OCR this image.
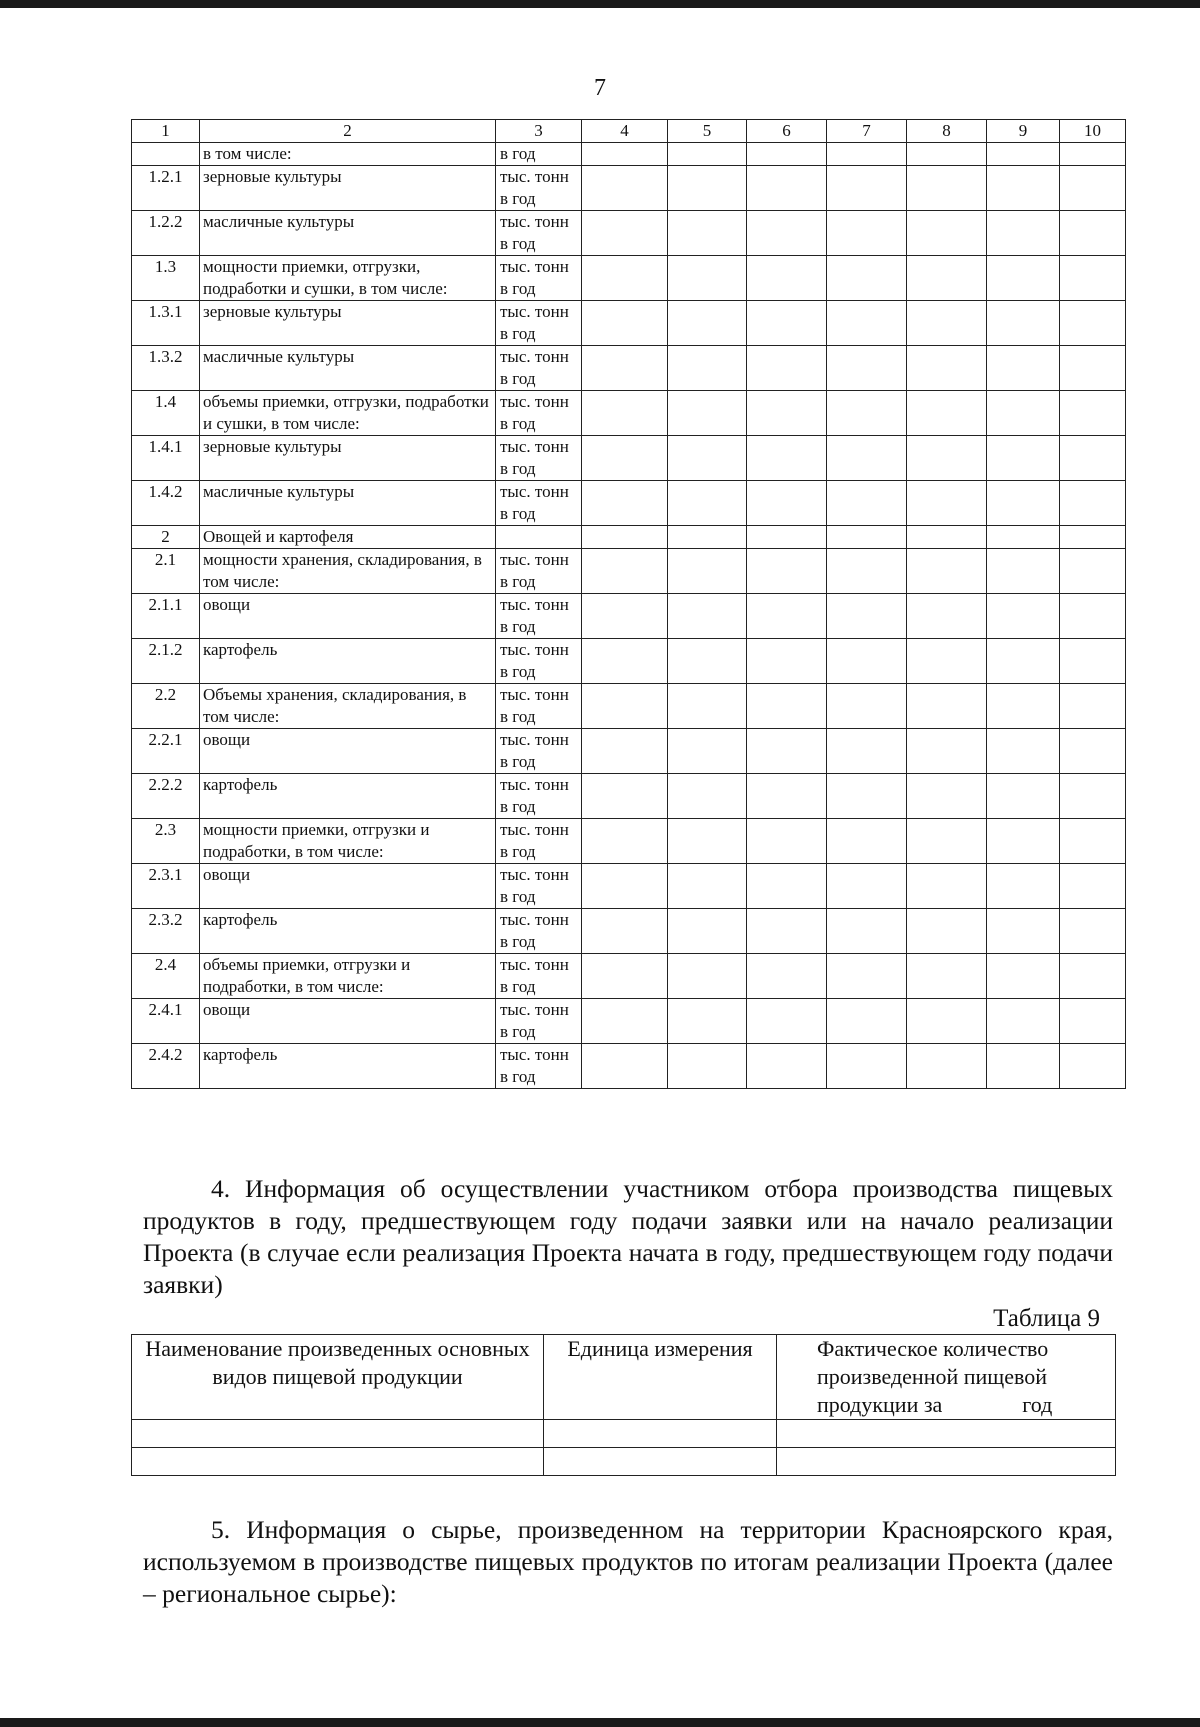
7
1	2	3	4	5	6	7	8	9	10
	в том числе:	в год							
1.2.1	зерновые культуры	тыс. тонн в год							
1.2.2	масличные культуры	тыс. тонн в год							
1.3	мощности приемки, отгрузки, подработки и сушки, в том числе:	тыс. тонн в год							
1.3.1	зерновые культуры	тыс. тонн в год							
1.3.2	масличные культуры	тыс. тонн в год							
1.4	объемы приемки, отгрузки, подработки и сушки, в том числе:	тыс. тонн в год							
1.4.1	зерновые культуры	тыс. тонн в год							
1.4.2	масличные культуры	тыс. тонн в год							
2	Овощей и картофеля								
2.1	мощности хранения, складирования, в том числе:	тыс. тонн в год							
2.1.1	овощи	тыс. тонн в год							
2.1.2	картофель	тыс. тонн в год							
2.2	Объемы хранения, складирования, в том числе:	тыс. тонн в год							
2.2.1	овощи	тыс. тонн в год							
2.2.2	картофель	тыс. тонн в год							
2.3	мощности приемки, отгрузки и подработки, в том числе:	тыс. тонн в год							
2.3.1	овощи	тыс. тонн в год							
2.3.2	картофель	тыс. тонн в год							
2.4	объемы приемки, отгрузки и подработки, в том числе:	тыс. тонн в год							
2.4.1	овощи	тыс. тонн в год							
2.4.2	картофель	тыс. тонн в год							
4. Информация об осуществлении участником отбора производства пищевых продуктов в году, предшествующем году подачи заявки или на начало реализации Проекта (в случае если реализация Проекта начата в году, предшествующем году подачи заявки)
Таблица 9
Наименование произведенных основных видов пищевой продукции	Единица измерения	Фактическое количество произведенной пищевой продукции за год

5. Информация о сырье, произведенном на территории Красноярского края, используемом в производстве пищевых продуктов по итогам реализации Проекта (далее – региональное сырье):
